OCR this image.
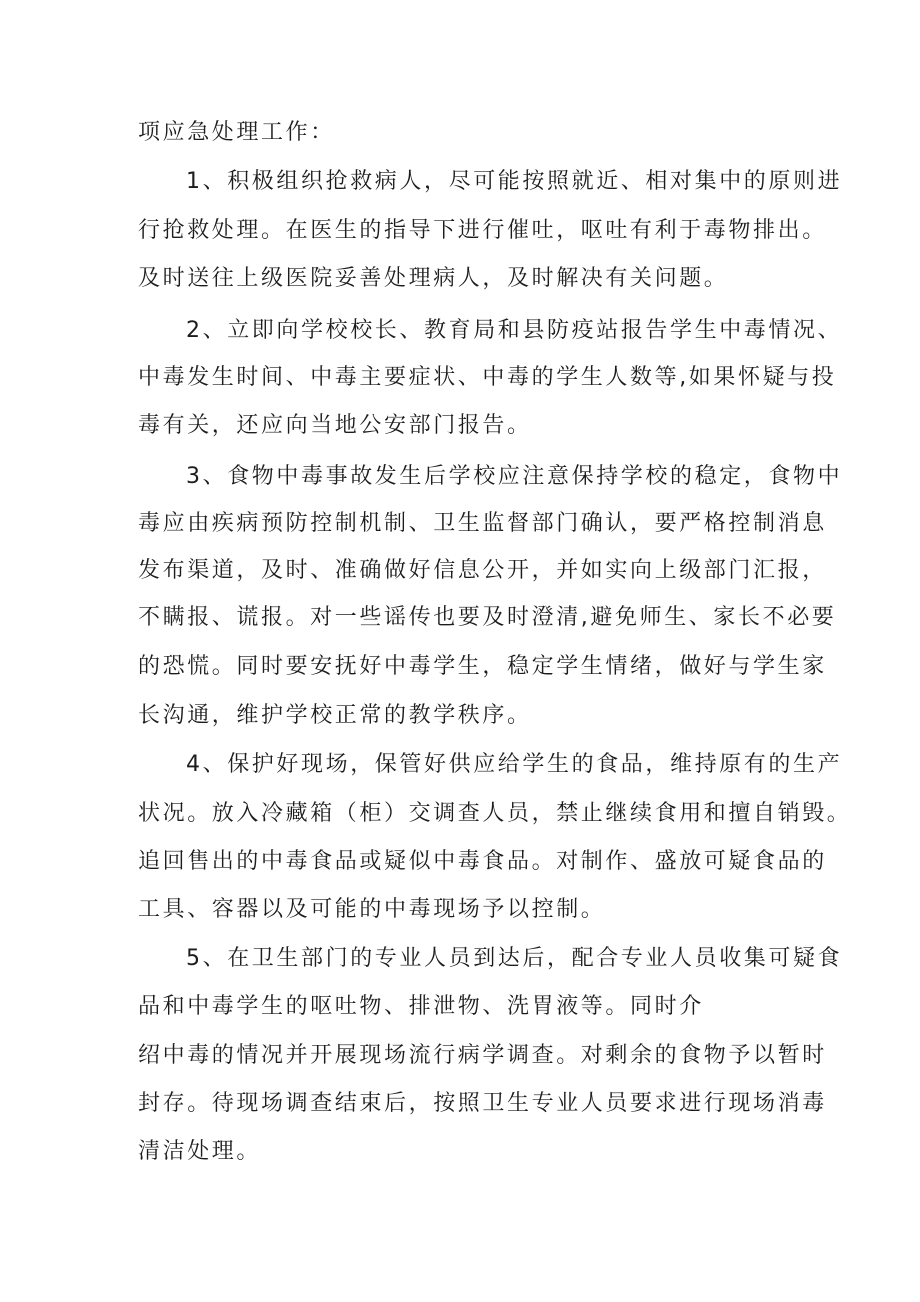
项应急处理工作：
1、积极组织抢救病人，尽可能按照就近、相对集中的原则进
行抢救处理。在医生的指导下进行催吐，呕吐有利于毒物排出。
及时送往上级医院妥善处理病人，及时解决有关问题。
2、立即向学校校长、教育局和县防疫站报告学生中毒情况、
中毒发生时间、中毒主要症状、中毒的学生人数等,如果怀疑与投
毒有关，还应向当地公安部门报告。
3、食物中毒事故发生后学校应注意保持学校的稳定，食物中
毒应由疾病预防控制机制、卫生监督部门确认，要严格控制消息
发布渠道，及时、准确做好信息公开，并如实向上级部门汇报，
不瞒报、谎报。对一些谣传也要及时澄清,避免师生、家长不必要
的恐慌。同时要安抚好中毒学生，稳定学生情绪，做好与学生家
长沟通，维护学校正常的教学秩序。
4、保护好现场，保管好供应给学生的食品，维持原有的生产
状况。放入冷藏箱（柜）交调查人员，禁止继续食用和擅自销毁。
追回售出的中毒食品或疑似中毒食品。对制作、盛放可疑食品的
工具、容器以及可能的中毒现场予以控制。
5、在卫生部门的专业人员到达后，配合专业人员收集可疑食
品和中毒学生的呕吐物、排泄物、洗胃液等。同时介
绍中毒的情况并开展现场流行病学调查。对剩余的食物予以暂时
封存。待现场调查结束后，按照卫生专业人员要求进行现场消毒
清洁处理。
